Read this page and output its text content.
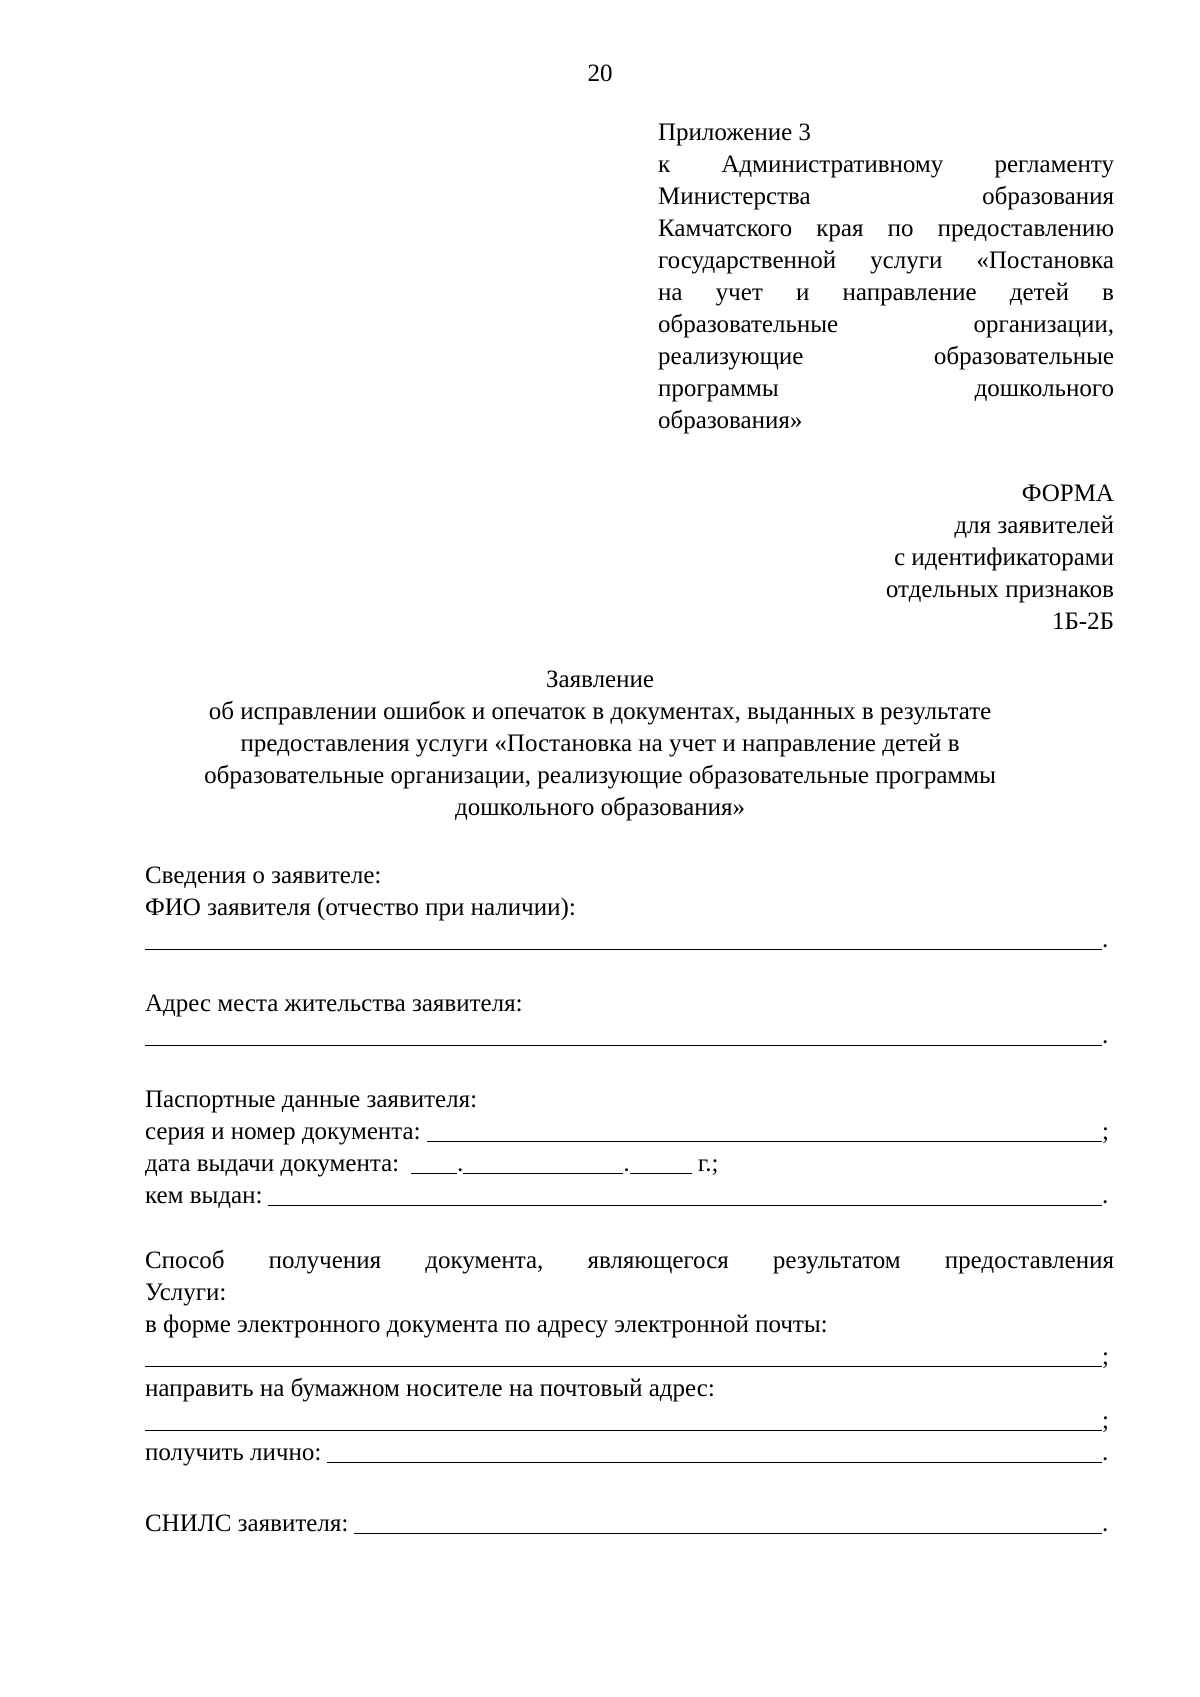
20
Приложение 3
к Административному регламенту
Министерства образования
Камчатского края по предоставлению
государственной услуги «Постановка
на учет и направление детей в
образовательные организации,
реализующие образовательные
программы дошкольного
образования»
ФОРМА
для заявителей
с идентификаторами
отдельных признаков
1Б-2Б
Заявление
об исправлении ошибок и опечаток в документах, выданных в результате
предоставления услуги «Постановка на учет и направление детей в
образовательные организации, реализующие образовательные программы
дошкольного образования»
Сведения о заявителе:
ФИО заявителя (отчество при наличии):
.
Адрес места жительства заявителя:
.
Паспортные данные заявителя:
серия и номер документа:	;
дата выдачи документа: .	. г.;
кем выдан:	.
Способ получения документа, являющегося результатом предоставления
Услуги:
в форме электронного документа по адресу электронной почты:
;
направить на бумажном носителе на почтовый адрес:
;
получить лично:	.
СНИЛС заявителя:	.
